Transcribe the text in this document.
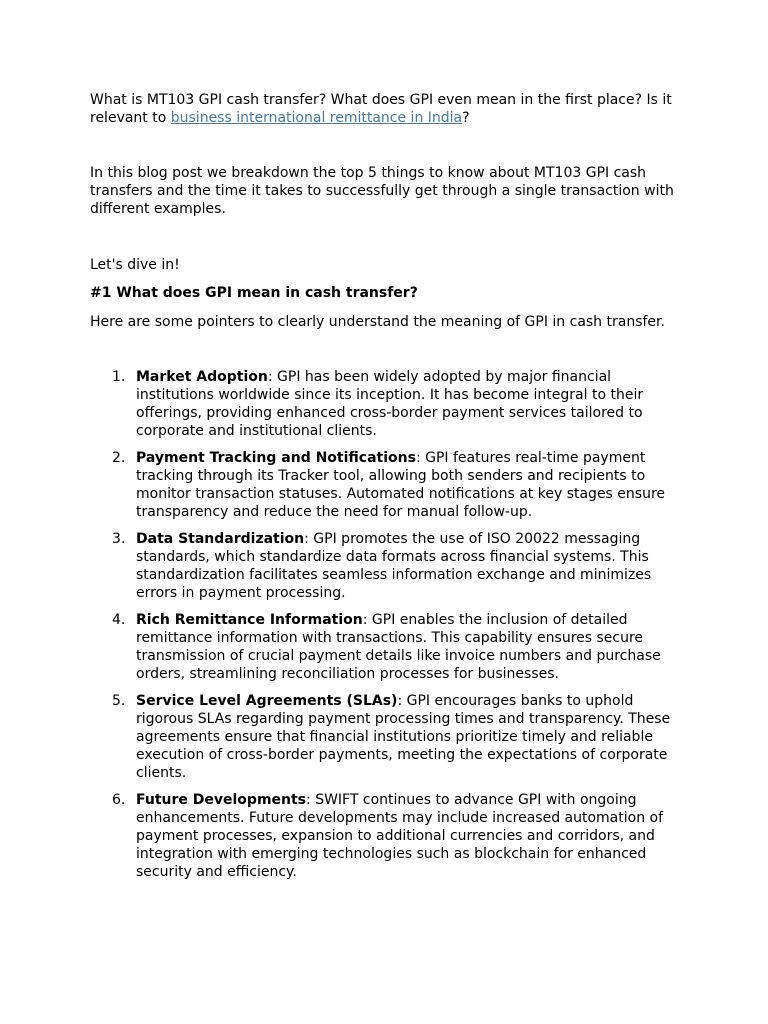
What is MT103 GPI cash transfer? What does GPI even mean in the first place? Is it relevant to business international remittance in India?

In this blog post we breakdown the top 5 things to know about MT103 GPI cash transfers and the time it takes to successfully get through a single transaction with different examples.

Let's dive in!

#1 What does GPI mean in cash transfer?

Here are some pointers to clearly understand the meaning of GPI in cash transfer.

1. Market Adoption: GPI has been widely adopted by major financial institutions worldwide since its inception. It has become integral to their offerings, providing enhanced cross-border payment services tailored to corporate and institutional clients.
2. Payment Tracking and Notifications: GPI features real-time payment tracking through its Tracker tool, allowing both senders and recipients to monitor transaction statuses. Automated notifications at key stages ensure transparency and reduce the need for manual follow-up.
3. Data Standardization: GPI promotes the use of ISO 20022 messaging standards, which standardize data formats across financial systems. This standardization facilitates seamless information exchange and minimizes errors in payment processing.
4. Rich Remittance Information: GPI enables the inclusion of detailed remittance information with transactions. This capability ensures secure transmission of crucial payment details like invoice numbers and purchase orders, streamlining reconciliation processes for businesses.
5. Service Level Agreements (SLAs): GPI encourages banks to uphold rigorous SLAs regarding payment processing times and transparency. These agreements ensure that financial institutions prioritize timely and reliable execution of cross-border payments, meeting the expectations of corporate clients.
6. Future Developments: SWIFT continues to advance GPI with ongoing enhancements. Future developments may include increased automation of payment processes, expansion to additional currencies and corridors, and integration with emerging technologies such as blockchain for enhanced security and efficiency.
